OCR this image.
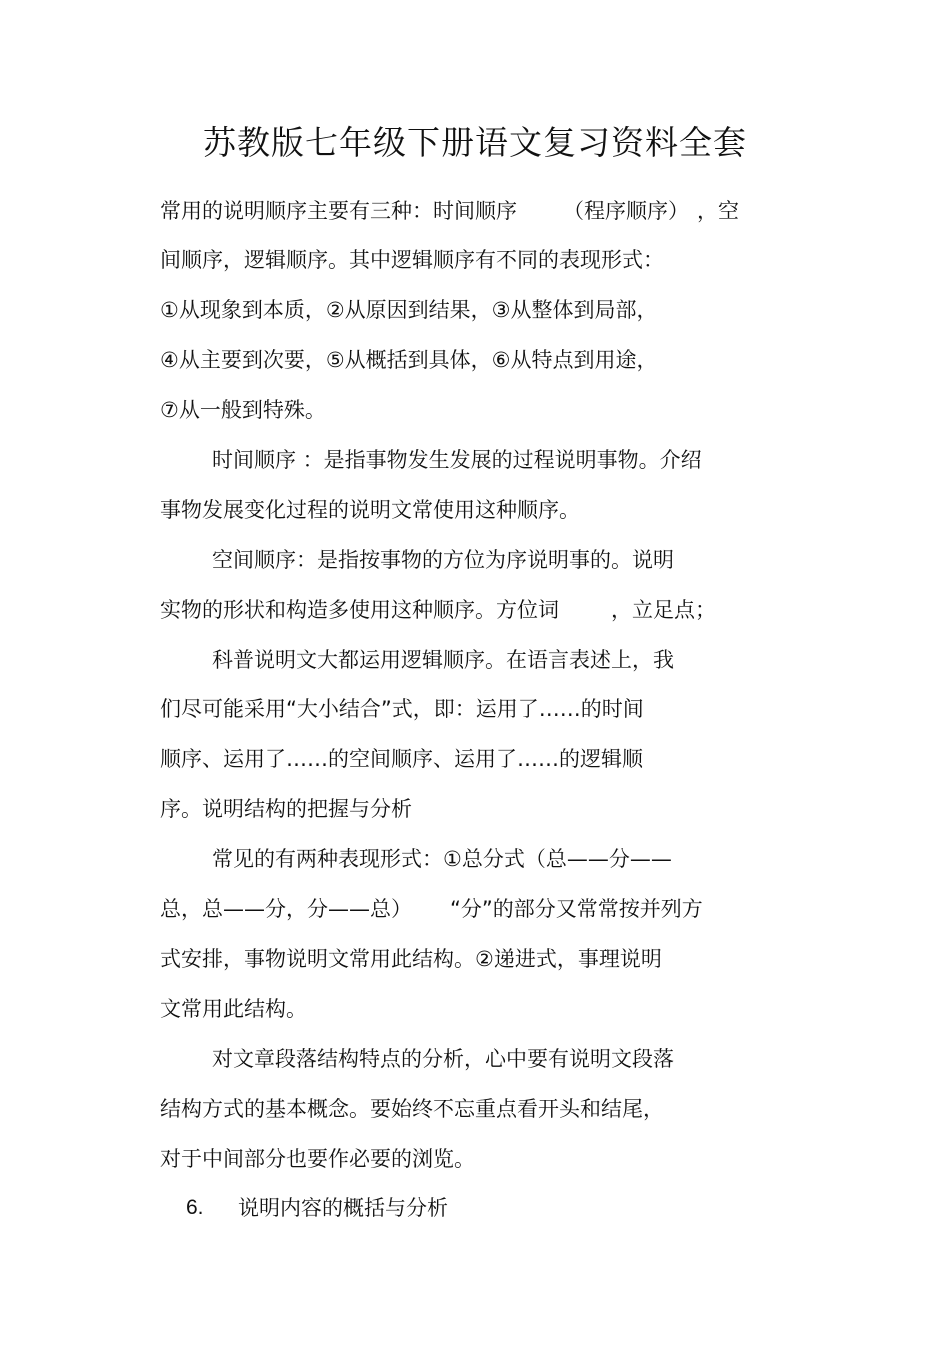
苏教版七年级下册语文复习资料全套
常用的说明顺序主要有三种：时间顺序 （程序顺序） ，空
间顺序，逻辑顺序。其中逻辑顺序有不同的表现形式：
①从现象到本质，②从原因到结果，③从整体到局部，
④从主要到次要，⑤从概括到具体，⑥从特点到用途，
⑦从一般到特殊。
时间顺序 ：是指事物发生发展的过程说明事物。介绍
事物发展变化过程的说明文常使用这种顺序。
空间顺序：是指按事物的方位为序说明事的。说明
实物的形状和构造多使用这种顺序。方位词 ，立足点；
科普说明文大都运用逻辑顺序。在语言表述上，我
们尽可能采用“大小结合”式，即：运用了……的时间
顺序、运用了……的空间顺序、运用了……的逻辑顺
序。说明结构的把握与分析
常见的有两种表现形式：①总分式（总——分——
总，总——分，分——总） “分”的部分又常常按并列方
式安排，事物说明文常用此结构。②递进式，事理说明
文常用此结构。
对文章段落结构特点的分析，心中要有说明文段落
结构方式的基本概念。要始终不忘重点看开头和结尾，
对于中间部分也要作必要的浏览。
6. 说明内容的概括与分析
